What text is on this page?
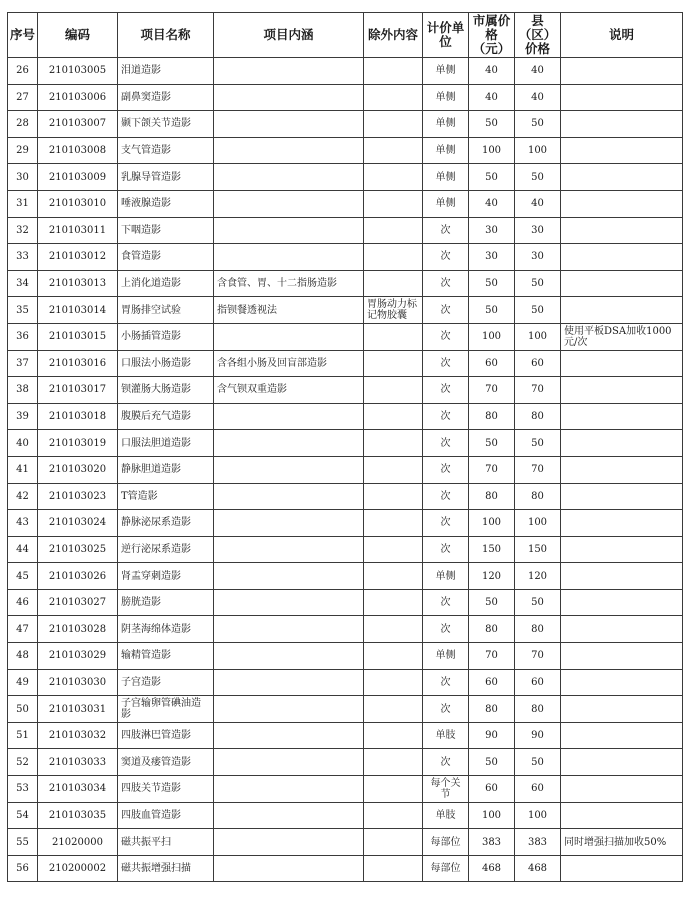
序号	编码	项目名称	项目内涵	除外内容	计价单位	市属价格（元）	县（区）价格	说明
26	210103005	泪道造影			单侧	40	40	
27	210103006	副鼻窦造影			单侧	40	40	
28	210103007	颞下颌关节造影			单侧	50	50	
29	210103008	支气管造影			单侧	100	100	
30	210103009	乳腺导管造影			单侧	50	50	
31	210103010	唾液腺造影			单侧	40	40	
32	210103011	下咽造影			次	30	30	
33	210103012	食管造影			次	30	30	
34	210103013	上消化道造影	含食管、胃、十二指肠造影		次	50	50	
35	210103014	胃肠排空试验	指钡餐透视法	胃肠动力标记物胶囊	次	50	50	
36	210103015	小肠插管造影			次	100	100	使用平板DSA加收1000元/次
37	210103016	口服法小肠造影	含各组小肠及回盲部造影		次	60	60	
38	210103017	钡灌肠大肠造影	含气钡双重造影		次	70	70	
39	210103018	腹膜后充气造影			次	80	80	
40	210103019	口服法胆道造影			次	50	50	
41	210103020	静脉胆道造影			次	70	70	
42	210103023	T管造影			次	80	80	
43	210103024	静脉泌尿系造影			次	100	100	
44	210103025	逆行泌尿系造影			次	150	150	
45	210103026	肾盂穿刺造影			单侧	120	120	
46	210103027	膀胱造影			次	50	50	
47	210103028	阴茎海绵体造影			次	80	80	
48	210103029	输精管造影			单侧	70	70	
49	210103030	子宫造影			次	60	60	
50	210103031	子宫输卵管碘油造影			次	80	80	
51	210103032	四肢淋巴管造影			单肢	90	90	
52	210103033	窦道及瘘管造影			次	50	50	
53	210103034	四肢关节造影			每个关节	60	60	
54	210103035	四肢血管造影			单肢	100	100	
55	21020000	磁共振平扫			每部位	383	383	同时增强扫描加收50%
56	210200002	磁共振增强扫描			每部位	468	468	
